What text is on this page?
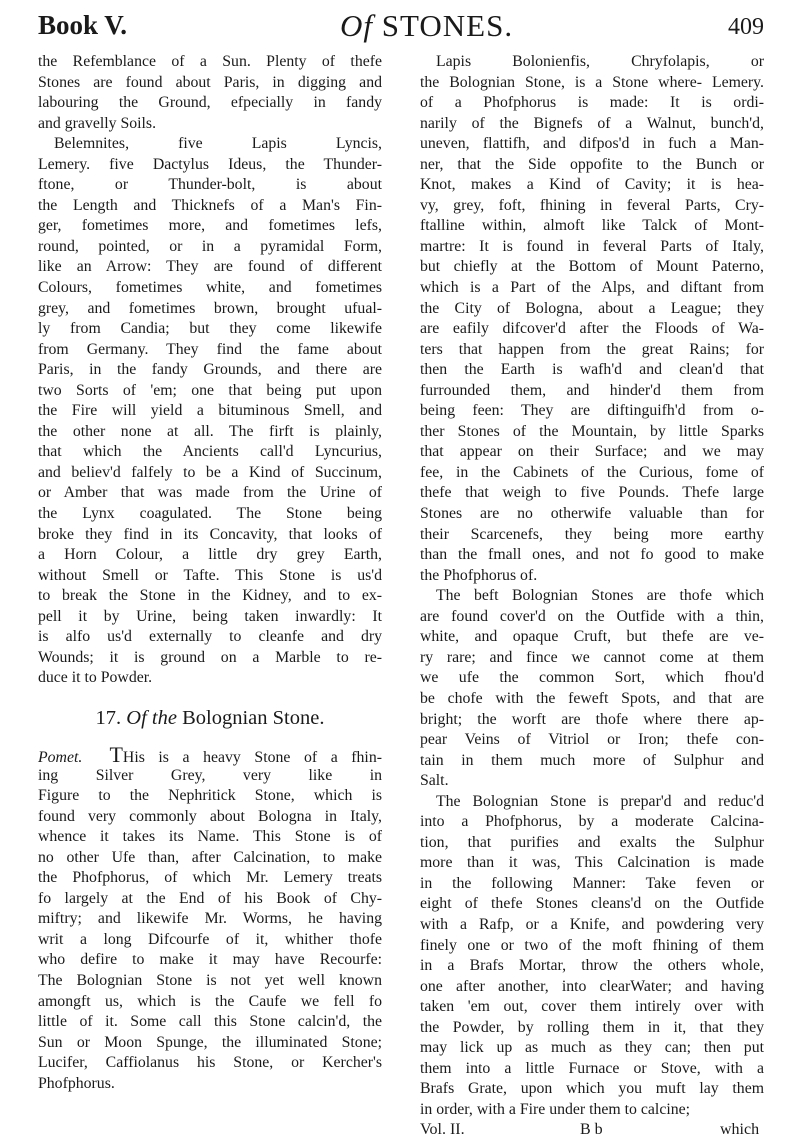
Book V.	Of STONES.	409
the Refemblance of a Sun. Plenty of thefe
Stones are found about Paris, in digging and
labouring the Ground, efpecially in fandy
and gravelly Soils.
Belemnites, five Lapis Lyncis,
Lemery. five Dactylus Ideus, the Thunder-
ftone, or Thunder-bolt, is about
the Length and Thicknefs of a Man's Fin-
ger, fometimes more, and fometimes lefs,
round, pointed, or in a pyramidal Form,
like an Arrow: They are found of different
Colours, fometimes white, and fometimes
grey, and fometimes brown, brought ufual-
ly from Candia; but they come likewife
from Germany. They find the fame about
Paris, in the fandy Grounds, and there are
two Sorts of 'em; one that being put upon
the Fire will yield a bituminous Smell, and
the other none at all. The firft is plainly,
that which the Ancients call'd Lyncurius,
and believ'd falfely to be a Kind of Succinum,
or Amber that was made from the Urine of
the Lynx coagulated. The Stone being
broke they find in its Concavity, that looks of
a Horn Colour, a little dry grey Earth,
without Smell or Tafte. This Stone is us'd
to break the Stone in the Kidney, and to ex-
pell it by Urine, being taken inwardly: It
is alfo us'd externally to cleanfe and dry
Wounds; it is ground on a Marble to re-
duce it to Powder.
17. Of the Bolognian Stone.
Pomet.  THis is a heavy Stone of a fhin-
ing Silver Grey, very like in
Figure to the Nephritick Stone, which is
found very commonly about Bologna in Italy,
whence it takes its Name. This Stone is of
no other Ufe than, after Calcination, to make
the Phofphorus, of which Mr. Lemery treats
fo largely at the End of his Book of Chy-
miftry; and likewife Mr. Worms, he having
writ a long Difcourfe of it, whither thofe
who defire to make it may have Recourfe:
The Bolognian Stone is not yet well known
amongft us, which is the Caufe we fell fo
little of it. Some call this Stone calcin'd, the
Sun or Moon Spunge, the illuminated Stone;
Lucifer, Caffiolanus his Stone, or Kercher's
Phofphorus.
Lapis Bolonienfis, Chryfolapis, or
the Bolognian Stone, is a Stone where- Lemery.
of a Phofphorus is made: It is ordi-
narily of the Bignefs of a Walnut, bunch'd,
uneven, flattifh, and difpos'd in fuch a Man-
ner, that the Side oppofite to the Bunch or
Knot, makes a Kind of Cavity; it is hea-
vy, grey, foft, fhining in feveral Parts, Cry-
ftalline within, almoft like Talck of Mont-
martre: It is found in feveral Parts of Italy,
but chiefly at the Bottom of Mount Paterno,
which is a Part of the Alps, and diftant from
the City of Bologna, about a League; they
are eafily difcover'd after the Floods of Wa-
ters that happen from the great Rains; for
then the Earth is wafh'd and clean'd that
furrounded them, and hinder'd them from
being feen: They are diftinguifh'd from o-
ther Stones of the Mountain, by little Sparks
that appear on their Surface; and we may
fee, in the Cabinets of the Curious, fome of
thefe that weigh to five Pounds. Thefe large
Stones are no otherwife valuable than for
their Scarcenefs, they being more earthy
than the fmall ones, and not fo good to make
the Phofphorus of.
The beft Bolognian Stones are thofe which
are found cover'd on the Outfide with a thin,
white, and opaque Cruft, but thefe are ve-
ry rare; and fince we cannot come at them
we ufe the common Sort, which fhou'd
be chofe with the feweft Spots, and that are
bright; the worft are thofe where there ap-
pear Veins of Vitriol or Iron; thefe con-
tain in them much more of Sulphur and
Salt.
The Bolognian Stone is prepar'd and reduc'd
into a Phofphorus, by a moderate Calcina-
tion, that purifies and exalts the Sulphur
more than it was, This Calcination is made
in the following Manner: Take feven or
eight of thefe Stones cleans'd on the Outfide
with a Rafp, or a Knife, and powdering very
finely one or two of the moft fhining of them
in a Brafs Mortar, throw the others whole,
one after another, into clearWater; and having
taken 'em out, cover them intirely over with
the Powder, by rolling them in it, that they
may lick up as much as they can; then put
them into a little Furnace or Stove, with a
Brafs Grate, upon which you muft lay them
in order, with a Fire under them to calcine;
Vol. II.	B b	which
